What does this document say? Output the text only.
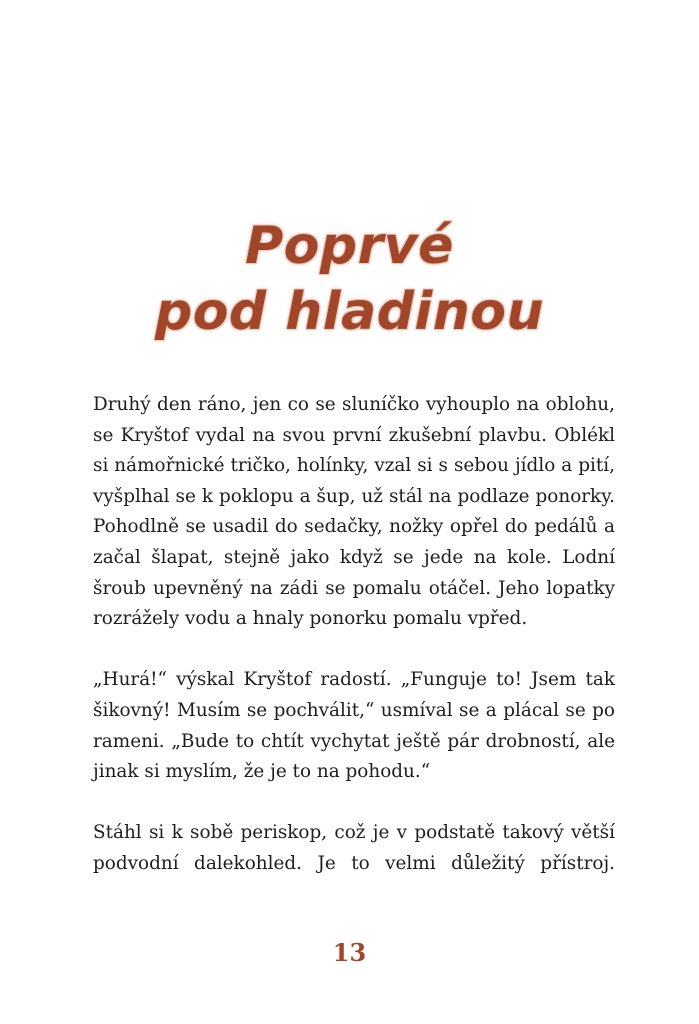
Poprvé
pod hladinou

Druhý den ráno, jen co se sluníčko vyhouplo na oblohu, se Kryštof vydal na svou první zkušební plavbu. Oblékl si námořnické tričko, holínky, vzal si s sebou jídlo a pití, vyšplhal se k poklopu a šup, už stál na podlaze ponorky. Pohodlně se usadil do sedačky, nožky opřel do pedálů a začal šlapat, stejně jako když se jede na kole. Lodní šroub upevněný na zádi se pomalu otáčel. Jeho lopatky rozrážely vodu a hnaly ponorku pomalu vpřed.

„Hurá!“ výskal Kryštof radostí. „Funguje to! Jsem tak šikovný! Musím se pochválit,“ usmíval se a plácal se po rameni. „Bude to chtít vychytat ještě pár drobností, ale jinak si myslím, že je to na pohodu.“

Stáhl si k sobě periskop, což je v podstatě takový větší podvodní dalekohled. Je to velmi důležitý přístroj.

13
